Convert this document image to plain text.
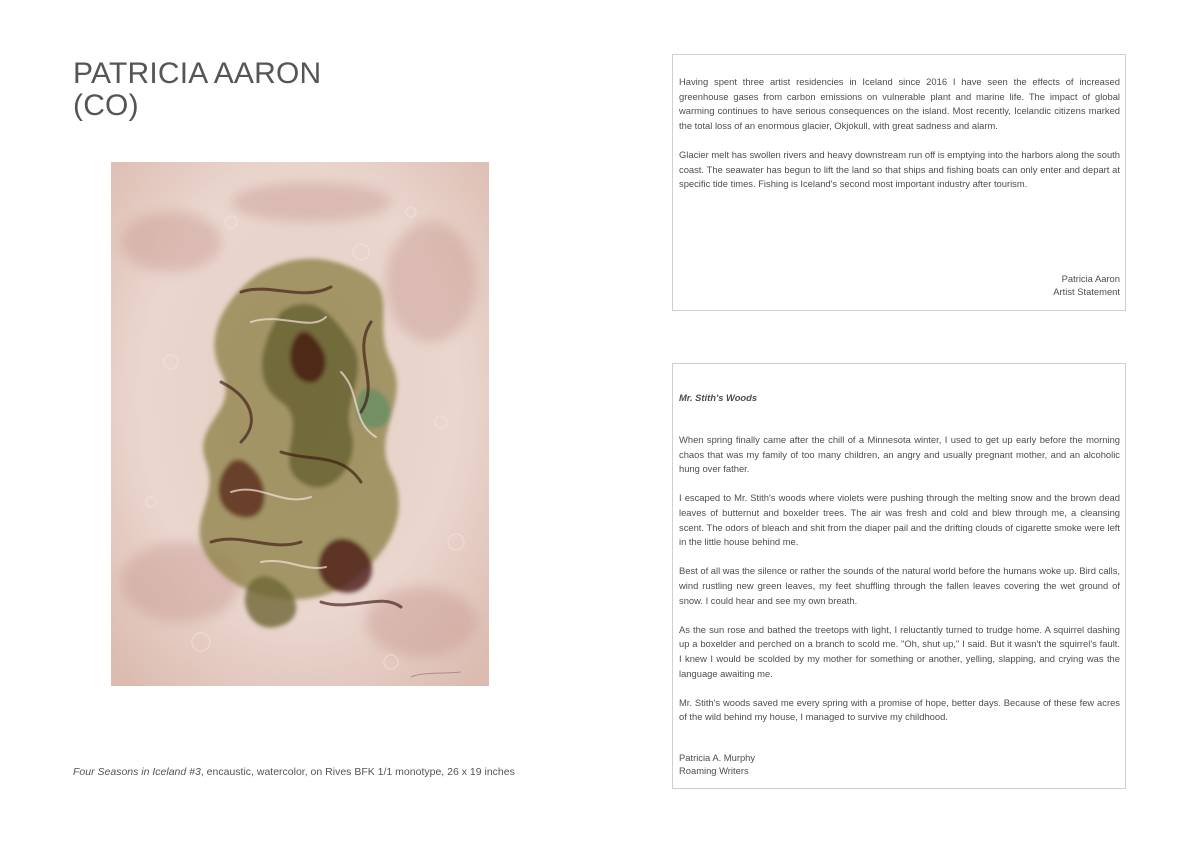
PATRICIA AARON
(CO)
Four Seasons in Iceland #3, encaustic, watercolor, on Rives BFK 1/1 monotype, 26 x 19 inches

Having spent three artist residencies in Iceland since 2016 I have seen the effects of increased greenhouse gases from carbon emissions on vulnerable plant and marine life. The impact of global warming continues to have serious consequences on the island. Most recently, Icelandic citizens marked the total loss of an enormous glacier, Okjokull, with great sadness and alarm.

Glacier melt has swollen rivers and heavy downstream run off is emptying into the harbors along the south coast. The seawater has begun to lift the land so that ships and fishing boats can only enter and depart at specific tide times. Fishing is Iceland's second most important industry after tourism.

Patricia Aaron
Artist Statement
Mr. Stith's Woods

When spring finally came after the chill of a Minnesota winter, I used to get up early before the morning chaos that was my family of too many children, an angry and usually pregnant mother, and an alcoholic hung over father.

I escaped to Mr. Stith's woods where violets were pushing through the melting snow and the brown dead leaves of butternut and boxelder trees. The air was fresh and cold and blew through me, a cleansing scent. The odors of bleach and shit from the diaper pail and the drifting clouds of cigarette smoke were left in the little house behind me.

Best of all was the silence or rather the sounds of the natural world before the humans woke up. Bird calls, wind rustling new green leaves, my feet shuffling through the fallen leaves covering the wet ground of snow. I could hear and see my own breath.

As the sun rose and bathed the treetops with light, I reluctantly turned to trudge home. A squirrel dashing up a boxelder and perched on a branch to scold me. "Oh, shut up," I said. But it wasn't the squirrel's fault. I knew I would be scolded by my mother for something or another, yelling, slapping, and crying was the language awaiting me.

Mr. Stith's woods saved me every spring with a promise of hope, better days. Because of these few acres of the wild behind my house, I managed to survive my childhood.

Patricia A. Murphy
Roaming Writers
